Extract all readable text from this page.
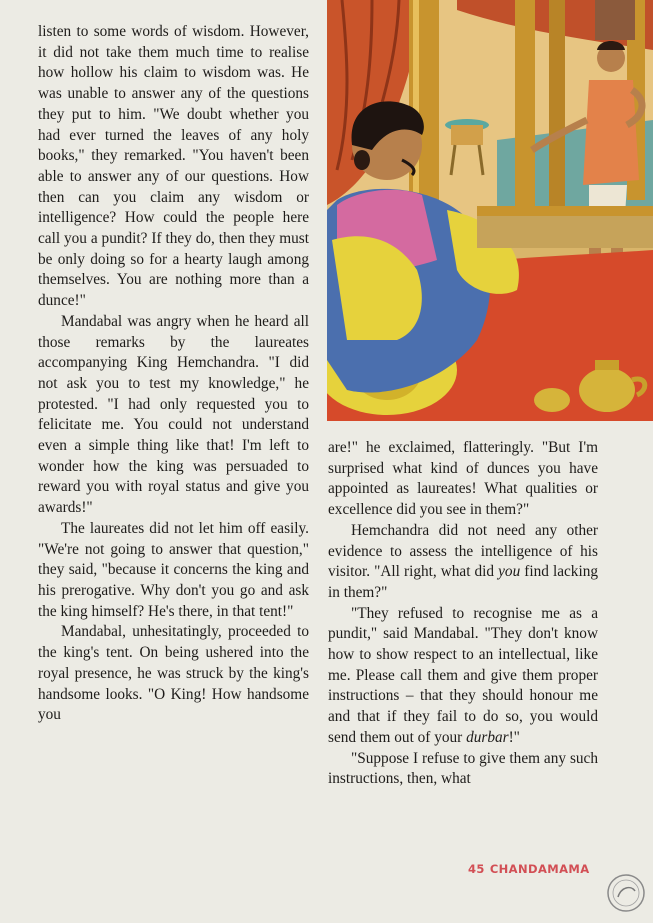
listen to some words of wisdom. However, it did not take them much time to realise how hollow his claim to wisdom was. He was unable to answer any of the questions they put to him. "We doubt whether you had ever turned the leaves of any holy books," they remarked. "You haven't been able to answer any of our questions. How then can you claim any wisdom or intelligence? How could the people here call you a pundit? If they do, then they must be only doing so for a hearty laugh among themselves. You are nothing more than a dunce!"

Mandabal was angry when he heard all those remarks by the laureates accompanying King Hemchandra. "I did not ask you to test my knowledge," he protested. "I had only requested you to felicitate me. You could not understand even a simple thing like that! I'm left to wonder how the king was persuaded to reward you with royal status and give you awards!"

The laureates did not let him off easily. "We're not going to answer that question," they said, "because it concerns the king and his prerogative. Why don't you go and ask the king himself? He's there, in that tent!"

Mandabal, unhesitatingly, proceeded to the king's tent. On being ushered into the royal presence, he was struck by the king's handsome looks. "O King! How handsome you

are!" he exclaimed, flatteringly. "But I'm surprised what kind of dunces you have appointed as laureates! What qualities or excellence did you see in them?"

Hemchandra did not need any other evidence to assess the intelligence of his visitor. "All right, what did you find lacking in them?"

"They refused to recognise me as a pundit," said Mandabal. "They don't know how to show respect to an intellectual, like me. Please call them and give them proper instructions – that they should honour me and that if they fail to do so, you would send them out of your durbar!"

"Suppose I refuse to give them any such instructions, then, what

45 CHANDAMAMA
